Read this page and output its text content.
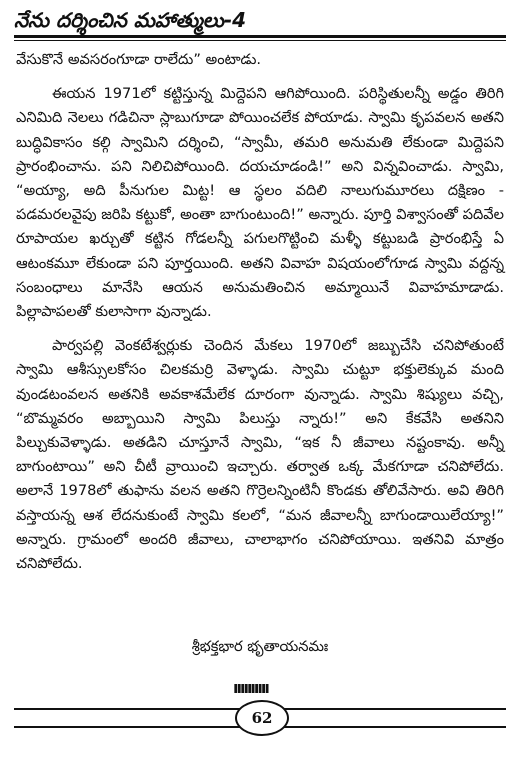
నేను దర్శించిన మహాత్ములు-4

వేసుకొనే అవసరంగూడా రాలేదు” అంటాడు.

ఈయన 1971లో కట్టిస్తున్న మిద్దెపని ఆగిపోయింది. పరిస్థితులన్నీ అడ్డం తిరిగి ఎనిమిది నెలలు గడిచినా స్లాబుగూడా పోయించలేక పోయాడు. స్వామి కృపవలన అతని బుద్ధివికాసం కల్గి స్వామిని దర్శించి, “స్వామీ, తమరి అనుమతి లేకుండా మిద్దెపని ప్రారంభించాను. పని నిలిచిపోయింది. దయచూడండి!” అని విన్నవించాడు. స్వామి, “అయ్యా, అది పీనుగుల మిట్ట! ఆ స్థలం వదిలి నాలుగుమూరలు దక్షిణం - పడమరలవైపు జరిపి కట్టుకో, అంతా బాగుంటుంది!” అన్నారు. పూర్తి విశ్వాసంతో పదివేల రూపాయల ఖర్చుతో కట్టిన గోడలన్నీ పగులగొట్టించి మళ్ళీ కట్టుబడి ప్రారంభిస్తే ఏ ఆటంకమూ లేకుండా పని పూర్తయింది. అతని వివాహ విషయంలోగూడ స్వామి వద్దన్న సంబంధాలు మానేసి ఆయన అనుమతించిన అమ్మాయినే వివాహమాడాడు. పిల్లాపాపలతో కులాసాగా వున్నాడు.

పార్వపల్లి వెంకటేశ్వర్లుకు చెందిన మేకలు 1970లో జబ్బుచేసి చనిపోతుంటే స్వామి ఆశీస్సులకోసం చిలకమర్రి వెళ్ళాడు. స్వామి చుట్టూ భక్తులెక్కువ మంది వుండటంవలన అతనికి అవకాశమేలేక దూరంగా వున్నాడు. స్వామి శిష్యులు వచ్చి, “బొమ్మవరం అబ్బాయిని స్వామి పిలుస్తు న్నారు!” అని కేకవేసి అతనిని పిల్చుకువెళ్ళాడు. అతడిని చూస్తూనే స్వామి, “ఇక నీ జీవాలు నష్టంకావు. అన్నీ బాగుంటాయి” అని చీటీ వ్రాయించి ఇచ్చారు. తర్వాత ఒక్క మేకగూడా చనిపోలేదు. అలానే 1978లో తుఫాను వలన అతని గొర్రెలన్నింటినీ కొండకు తోలివేసారు. అవి తిరిగి వస్తాయన్న ఆశ లేదనుకుంటే స్వామి కలలో, “మన జీవాలన్నీ బాగుండాయిలేయ్యా!” అన్నారు. గ్రామంలో అందరి జీవాలు, చాలాభాగం చనిపోయాయి. ఇతనివి మాత్రం చనిపోలేదు.

శ్రీభక్తభార భృతాయనమః
ıııııııııı
62
